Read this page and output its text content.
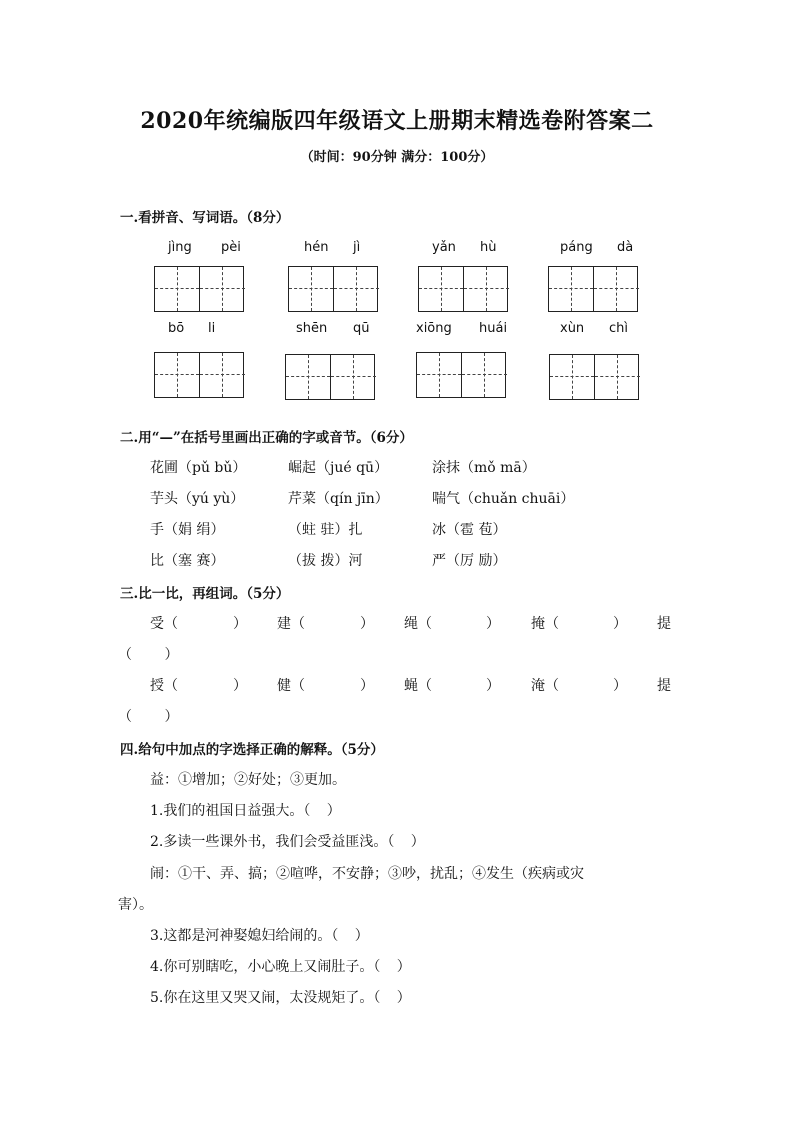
2020年统编版四年级语文上册期末精选卷附答案二
（时间：90分钟 满分：100分）
一.看拼音、写词语。（8分）
jìng pèi	hén jì	yǎn hù	páng dà
bō li	shēn qū	xiōng huái	xùn chì
二.用“—”在括号里画出正确的字或音节。（6分）
花圃（pǔ bǔ）	崛起（jué qū）	涂抹（mǒ mā）
芋头（yú yù）	芹菜（qín jīn）	喘气（chuǎn chuāi）
手（娟 绢）	（蛀 驻）扎	冰（雹 苞）
比（塞 赛）	（拔 拨）河	严（厉 励）
三.比一比，再组词。（5分）
受（	） 建（	） 绳（	） 掩（	） 提
（ ）
授（	） 健（	） 蝇（	） 淹（	） 提
（ ）
四.给句中加点的字选择正确的解释。（5分）
益：①增加；②好处；③更加。
1.我们的祖国日益强大。（ ）
2.多读一些课外书，我们会受益匪浅。（ ）
闹：①干、弄、搞；②喧哗，不安静；③吵，扰乱；④发生（疾病或灾
害）。
3.这都是河神娶媳妇给闹的。（ ）
4.你可别瞎吃，小心晚上又闹肚子。（ ）
5.你在这里又哭又闹，太没规矩了。（ ）
